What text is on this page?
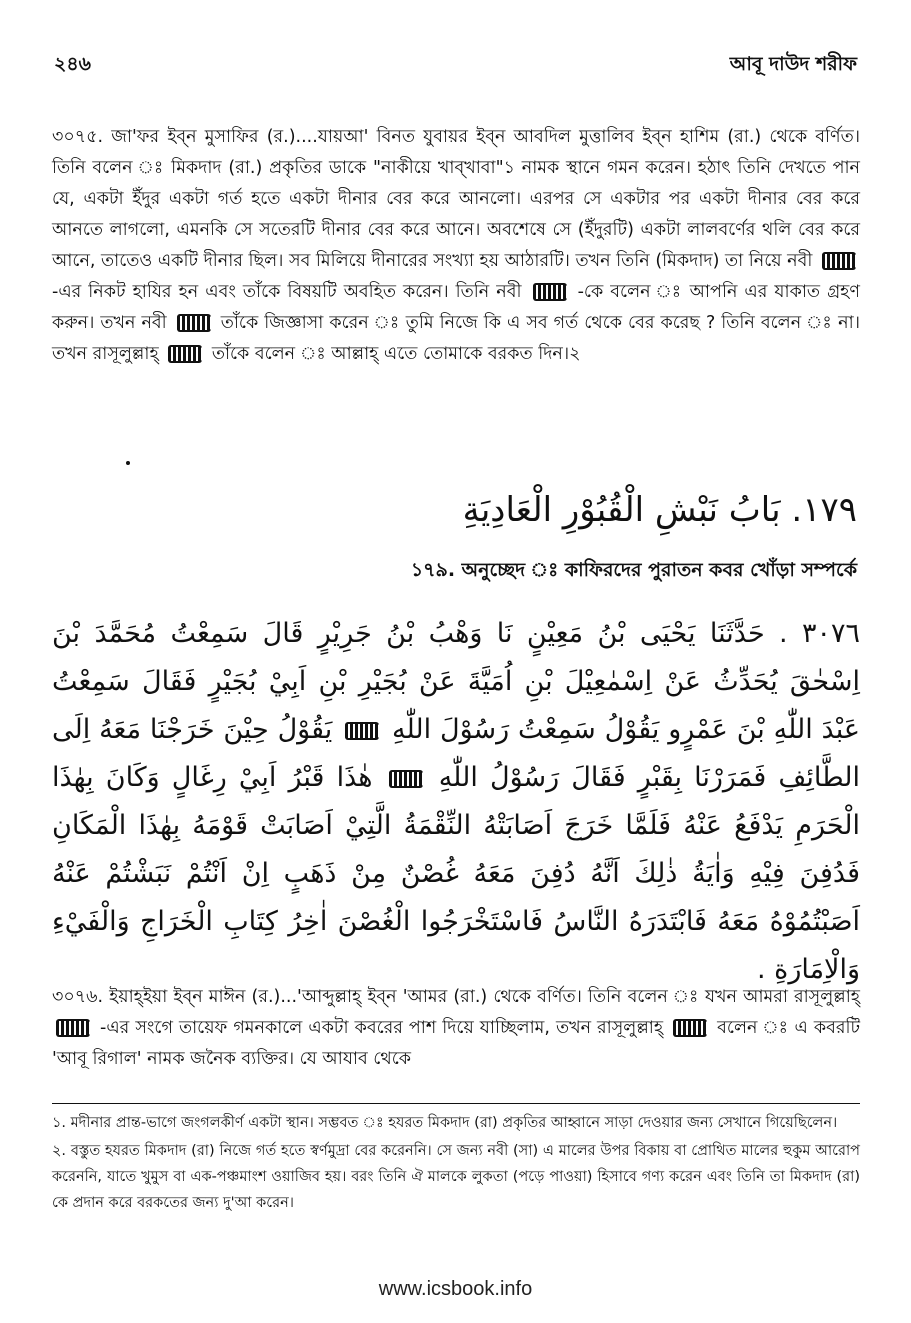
২৪৬	আবূ দাউদ শরীফ
৩০৭৫. জা'ফর ইব্‌ন মুসাফির (র.)....যায়আ' বিনত যুবায়র ইব্‌ন আবদিল মুত্তালিব ইব্‌ন হাশিম (রা.) থেকে বর্ণিত। তিনি বলেন ঃ মিকদাদ (রা.) প্রকৃতির ডাকে "নাকীয়ে খাব্‌খাবা"১ নামক স্থানে গমন করেন। হঠাৎ তিনি দেখতে পান যে, একটা ইঁদুর একটা গর্ত হতে একটা দীনার বের করে আনলো। এরপর সে একটার পর একটা দীনার বের করে আনতে লাগলো, এমনকি সে সতেরটি দীনার বের করে আনে। অবশেষে সে (ইঁদুরটি) একটা লালবর্ণের থলি বের করে আনে, তাতেও একটি দীনার ছিল। সব মিলিয়ে দীনারের সংখ্যা হয় আঠারটি। তখন তিনি (মিকদাদ) তা নিয়ে নবী  -এর নিকট হাযির হন এবং তাঁকে বিষয়টি অবহিত করেন। তিনি নবী	-কে বলেন ঃ আপনি এর যাকাত গ্রহণ করুন। তখন নবী	তাঁকে জিজ্ঞাসা করেন ঃ তুমি নিজে কি এ সব গর্ত থেকে বের করেছ ? তিনি বলেন ঃ না। তখন রাসূলুল্লাহ্	তাঁকে বলেন ঃ আল্লাহ্ এতে তোমাকে বরকত দিন।২
١٧٩. بَابُ نَبْشِ الْقُبُوْرِ الْعَادِيَةِ
১৭৯. অনুচ্ছেদ ঃ কাফিরদের পুরাতন কবর খোঁড়া সম্পর্কে
٣٠٧٦ . حَدَّثَنَا يَحْيَى بْنُ مَعِيْنٍ نَا وَهْبُ بْنُ جَرِيْرٍ قَالَ سَمِعْتُ مُحَمَّدَ بْنَ اِسْحٰقَ يُحَدِّثُ عَنْ اِسْمٰعِيْلَ بْنِ اُمَيَّةَ عَنْ بُجَيْرِ بْنِ اَبِيْ بُجَيْرٍ فَقَالَ سَمِعْتُ عَبْدَ اللّٰهِ بْنَ عَمْرٍو يَقُوْلُ سَمِعْتُ رَسُوْلَ اللّٰهِ  يَقُوْلُ حِيْنَ خَرَجْنَا مَعَهُ اِلَى الطَّائِفِ فَمَرَرْنَا بِقَبْرٍ فَقَالَ رَسُوْلُ اللّٰهِ  هٰذَا قَبْرُ اَبِيْ رِغَالٍ وَكَانَ بِهٰذَا الْحَرَمِ يَدْفَعُ عَنْهُ فَلَمَّا خَرَجَ اَصَابَتْهُ النِّقْمَةُ الَّتِيْ اَصَابَتْ قَوْمَهُ بِهٰذَا الْمَكَانِ فَدُفِنَ فِيْهِ وَاٰيَةُ ذٰلِكَ اَنَّهُ دُفِنَ مَعَهُ غُصْنٌ مِنْ ذَهَبٍ اِنْ اَنْتُمْ نَبَشْتُمْ عَنْهُ اَصَبْتُمُوْهُ مَعَهُ فَابْتَدَرَهُ النَّاسُ فَاسْتَخْرَجُوا الْغُصْنَ اٰخِرُ كِتَابِ الْخَرَاجِ وَالْفَيْءِ وَالْاِمَارَةِ .
৩০৭৬. ইয়াহ্‌ইয়া ইব্‌ন মাঈন (র.)...'আব্দুল্লাহ্ ইব্‌ন 'আমর (রা.) থেকে বর্ণিত। তিনি বলেন ঃ যখন আমরা রাসূলুল্লাহ্  -এর সংগে তায়েফ গমনকালে একটা কবরের পাশ দিয়ে যাচ্ছিলাম, তখন রাসূলুল্লাহ্	বলেন ঃ এ কবরটি 'আবূ রিগাল' নামক জনৈক ব্যক্তির। যে আযাব থেকে

১. মদীনার প্রান্ত-ভাগে জংগলকীর্ণ একটা স্থান। সম্ভবত ঃ হযরত মিকদাদ (রা) প্রকৃতির আহ্বানে সাড়া দেওয়ার জন্য সেখানে গিয়েছিলেন।

২. বস্তুত হযরত মিকদাদ (রা) নিজে গর্ত হতে স্বর্ণমুদ্রা বের করেননি। সে জন্য নবী (সা) এ মালের উপর বিকায় বা প্রোথিত মালের হুকুম আরোপ করেননি, যাতে খুমুস বা এক-পঞ্চমাংশ ওয়াজিব হয়। বরং তিনি ঐ মালকে লুকতা (পড়ে পাওয়া) হিসাবে গণ্য করেন এবং তিনি তা মিকদাদ (রা) কে প্রদান করে বরকতের জন্য দু'আ করেন।

www.icsbook.info
